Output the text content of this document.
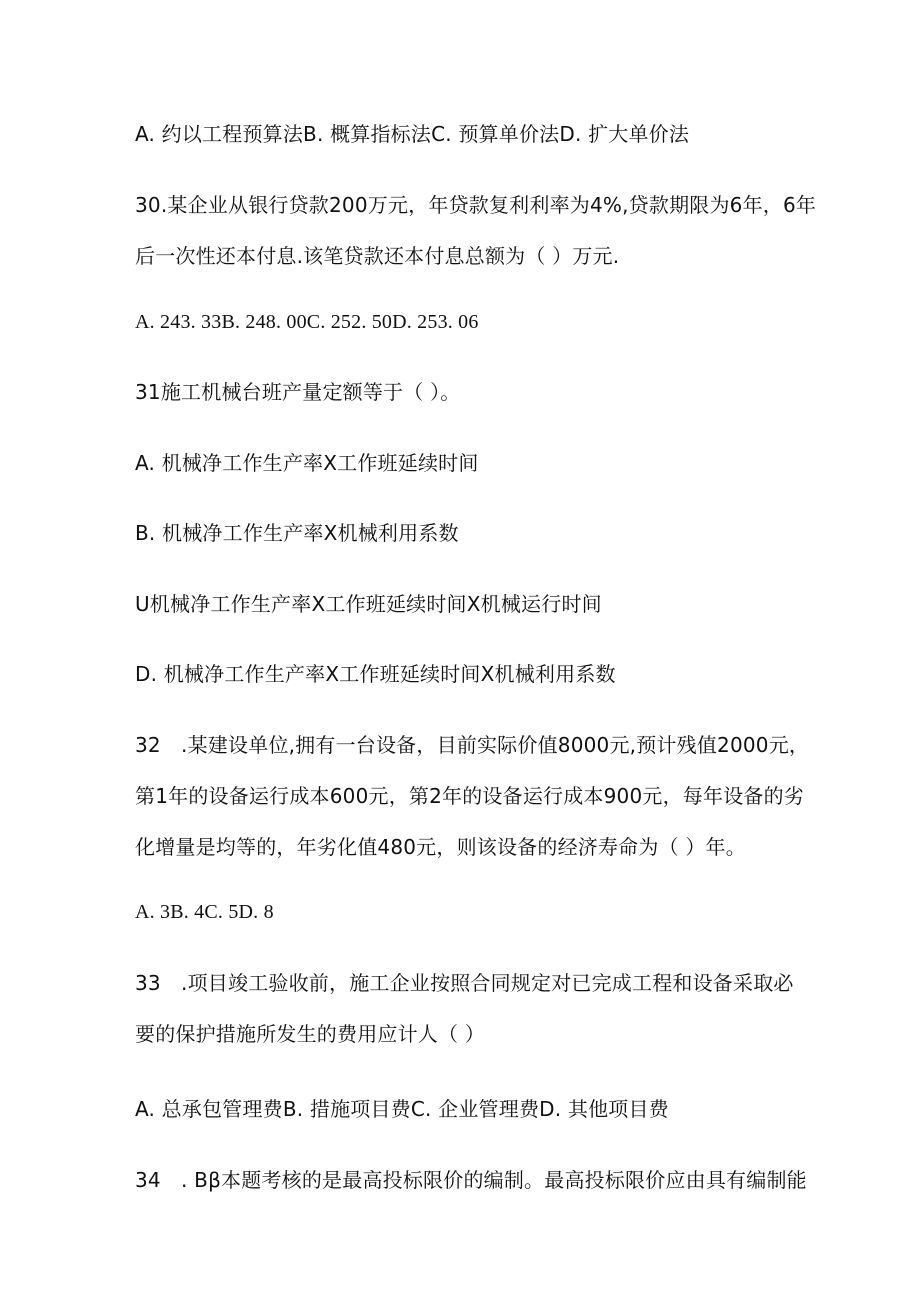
A. 约以工程预算法B. 概算指标法C. 预算单价法D. 扩大单价法
30.某企业从银行贷款200万元，年贷款复利利率为4%,贷款期限为6年，6年
后一次性还本付息.该笔贷款还本付息总额为（ ）万元.
A. 243. 33B. 248. 00C. 252. 50D. 253. 06
31施工机械台班产量定额等于（ ）。
A. 机械净工作生产率X工作班延续时间
B. 机械净工作生产率X机械利用系数
U机械净工作生产率X工作班延续时间X机械运行时间
D. 机械净工作生产率X工作班延续时间X机械利用系数
32　.某建设单位,拥有一台设备，目前实际价值8000元,预计残值2000元，
第1年的设备运行成本600元，第2年的设备运行成本900元，每年设备的劣
化增量是均等的，年劣化值480元，则该设备的经济寿命为（ ）年。
A. 3B. 4C. 5D. 8
33　.项目竣工验收前，施工企业按照合同规定对已完成工程和设备采取必
要的保护措施所发生的费用应计人（ ）
A. 总承包管理费B. 措施项目费C. 企业管理费D. 其他项目费
34　. Bβ本题考核的是最高投标限价的编制。最高投标限价应由具有编制能
